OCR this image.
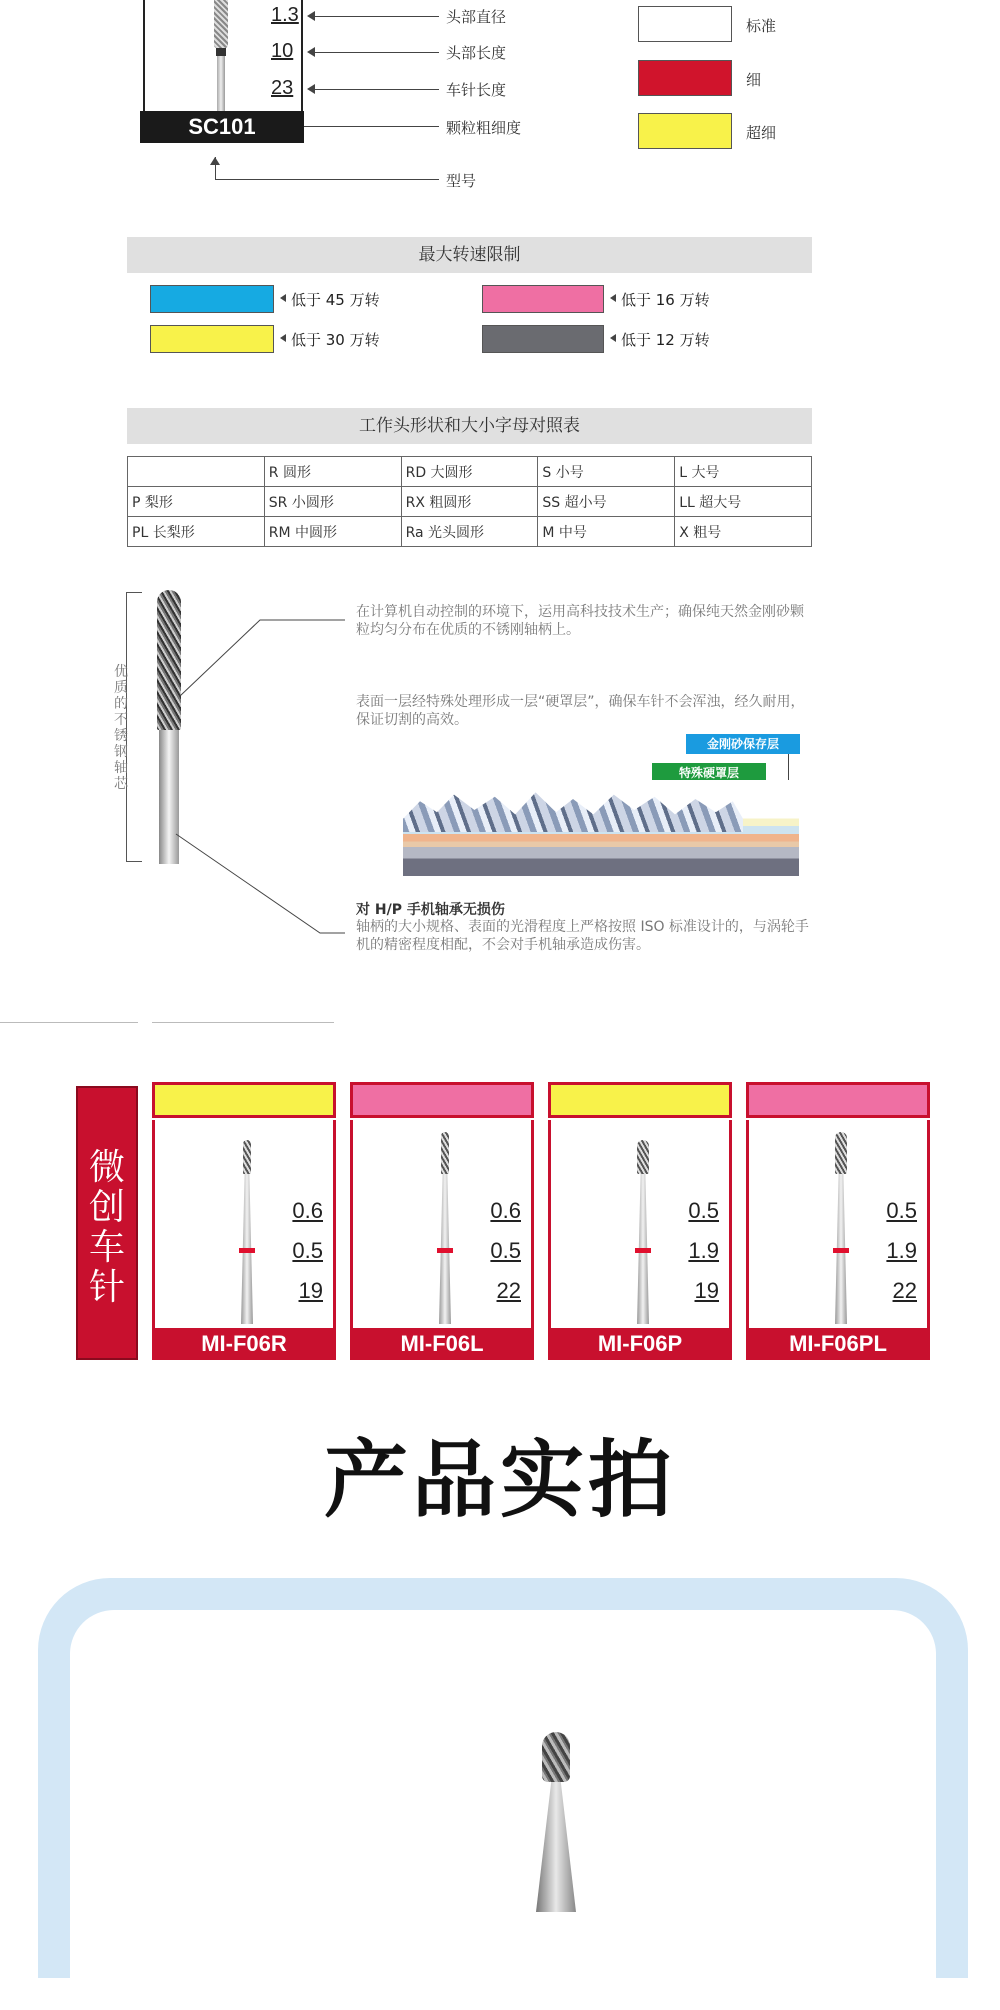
1.3
10
23
头部直径
头部长度
车针长度
SC101	颗粒粗细度
型号
标准
细
超细
最大转速限制
低于 45 万转	低于 16 万转
低于 30 万转	低于 12 万转
工作头形状和大小字母对照表
	R 圆形	RD 大圆形	S 小号	L 大号
P 梨形	SR 小圆形	RX 粗圆形	SS 超小号	LL 超大号
PL 长梨形	RM 中圆形	Ra 光头圆形	M 中号	X 粗号
优质的不锈钢轴芯
在计算机自动控制的环境下，运用高科技技术生产；确保纯天然金刚砂颗粒均匀分布在优质的不锈刚轴柄上。
表面一层经特殊处理形成一层“硬罩层”，确保车针不会浑浊，经久耐用，保证切割的高效。
金刚砂保存层
特殊硬罩层
对 H/P 手机轴承无损伤
轴柄的大小规格、表面的光滑程度上严格按照 ISO 标准设计的，与涡轮手机的精密程度相配，不会对手机轴承造成伤害。
微创车针
0.6
0.5
19
MI-F06R
0.6
0.5
22
MI-F06L
0.5
1.9
19
MI-F06P
0.5
1.9
22
MI-F06PL
产品实拍
